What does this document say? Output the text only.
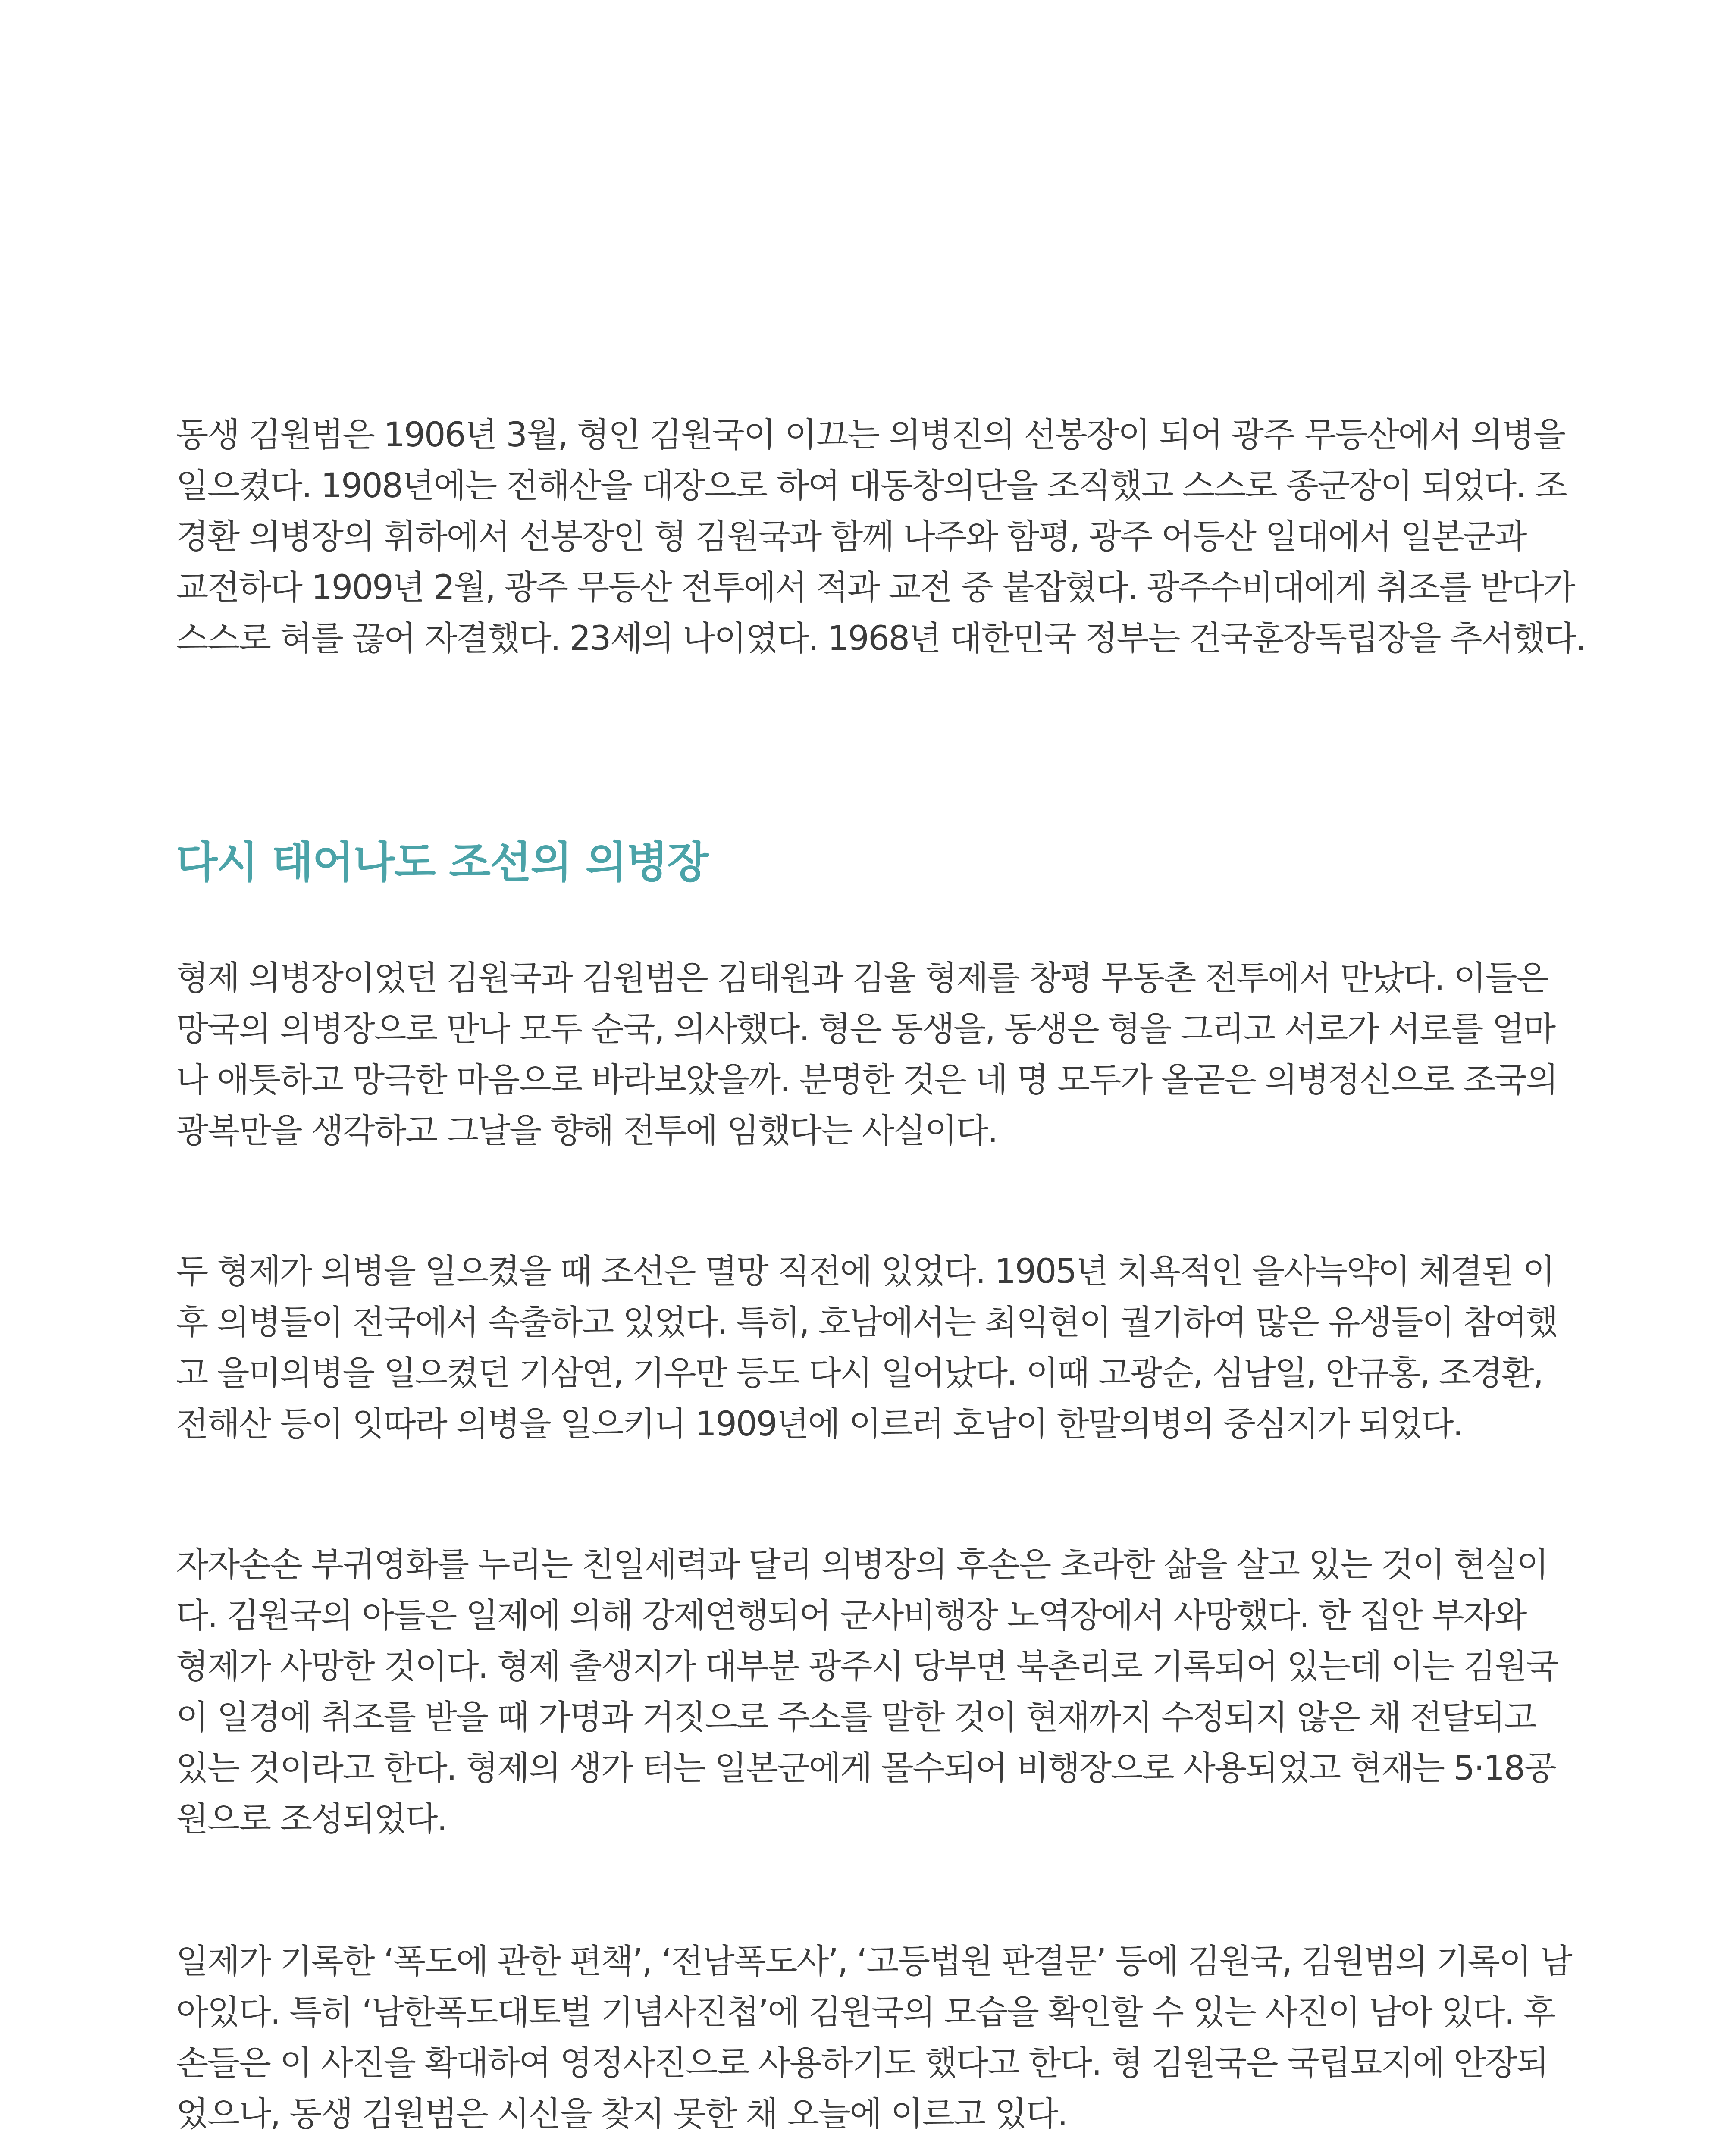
동생 김원범은 1906년 3월, 형인 김원국이 이끄는 의병진의 선봉장이 되어 광주 무등산에서 의병을
일으켰다. 1908년에는 전해산을 대장으로 하여 대동창의단을 조직했고 스스로 종군장이 되었다. 조
경환 의병장의 휘하에서 선봉장인 형 김원국과 함께 나주와 함평, 광주 어등산 일대에서 일본군과
교전하다 1909년 2월, 광주 무등산 전투에서 적과 교전 중 붙잡혔다. 광주수비대에게 취조를 받다가
스스로 혀를 끊어 자결했다. 23세의 나이였다. 1968년 대한민국 정부는 건국훈장독립장을 추서했다.
다시 태어나도 조선의 의병장
형제 의병장이었던 김원국과 김원범은 김태원과 김율 형제를 창평 무동촌 전투에서 만났다. 이들은
망국의 의병장으로 만나 모두 순국, 의사했다. 형은 동생을, 동생은 형을 그리고 서로가 서로를 얼마
나 애틋하고 망극한 마음으로 바라보았을까. 분명한 것은 네 명 모두가 올곧은 의병정신으로 조국의
광복만을 생각하고 그날을 향해 전투에 임했다는 사실이다.
두 형제가 의병을 일으켰을 때 조선은 멸망 직전에 있었다. 1905년 치욕적인 을사늑약이 체결된 이
후 의병들이 전국에서 속출하고 있었다. 특히, 호남에서는 최익현이 궐기하여 많은 유생들이 참여했
고 을미의병을 일으켰던 기삼연, 기우만 등도 다시 일어났다. 이때 고광순, 심남일, 안규홍, 조경환,
전해산 등이 잇따라 의병을 일으키니 1909년에 이르러 호남이 한말의병의 중심지가 되었다.
자자손손 부귀영화를 누리는 친일세력과 달리 의병장의 후손은 초라한 삶을 살고 있는 것이 현실이
다. 김원국의 아들은 일제에 의해 강제연행되어 군사비행장 노역장에서 사망했다. 한 집안 부자와
형제가 사망한 것이다. 형제 출생지가 대부분 광주시 당부면 북촌리로 기록되어 있는데 이는 김원국
이 일경에 취조를 받을 때 가명과 거짓으로 주소를 말한 것이 현재까지 수정되지 않은 채 전달되고
있는 것이라고 한다. 형제의 생가 터는 일본군에게 몰수되어 비행장으로 사용되었고 현재는 5·18공
원으로 조성되었다.
일제가 기록한 ‘폭도에 관한 편책’, ‘전남폭도사’, ‘고등법원 판결문’ 등에 김원국, 김원범의 기록이 남
아있다. 특히 ‘남한폭도대토벌 기념사진첩’에 김원국의 모습을 확인할 수 있는 사진이 남아 있다. 후
손들은 이 사진을 확대하여 영정사진으로 사용하기도 했다고 한다. 형 김원국은 국립묘지에 안장되
었으나, 동생 김원범은 시신을 찾지 못한 채 오늘에 이르고 있다.
